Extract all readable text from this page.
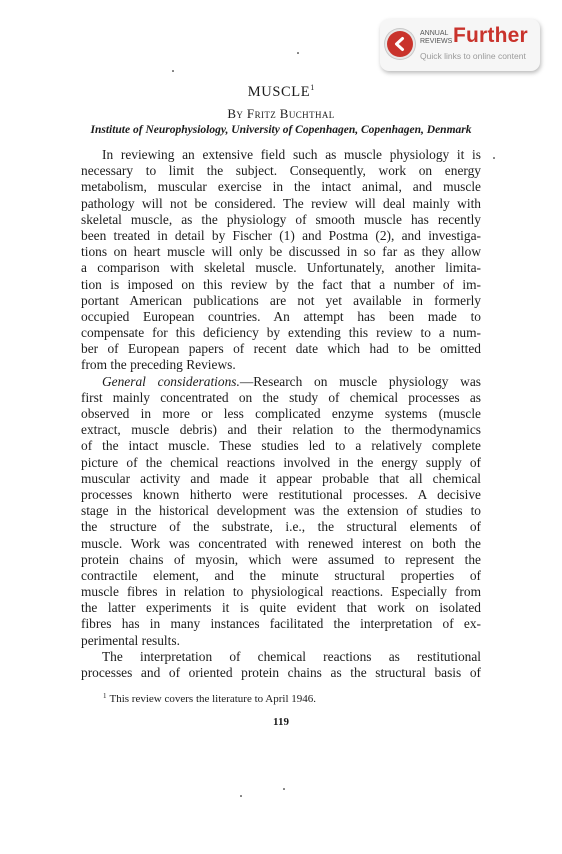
ANNUAL
REVIEWS Further
Quick links to online content
MUSCLE$^1$
By Fritz Buchthal
Institute of Neurophysiology, University of Copenhagen, Copenhagen, Denmark
In reviewing an extensive field such as muscle physiology it is
necessary to limit the subject. Consequently, work on energy
metabolism, muscular exercise in the intact animal, and muscle
pathology will not be considered. The review will deal mainly with
skeletal muscle, as the physiology of smooth muscle has recently
been treated in detail by Fischer (1) and Postma (2), and investiga-
tions on heart muscle will only be discussed in so far as they allow
a comparison with skeletal muscle. Unfortunately, another limita-
tion is imposed on this review by the fact that a number of im-
portant American publications are not yet available in formerly
occupied European countries. An attempt has been made to
compensate for this deficiency by extending this review to a num-
ber of European papers of recent date which had to be omitted
from the preceding Reviews.
General considerations.—Research on muscle physiology was
first mainly concentrated on the study of chemical processes as
observed in more or less complicated enzyme systems (muscle
extract, muscle debris) and their relation to the thermodynamics
of the intact muscle. These studies led to a relatively complete
picture of the chemical reactions involved in the energy supply of
muscular activity and made it appear probable that all chemical
processes known hitherto were restitutional processes. A decisive
stage in the historical development was the extension of studies to
the structure of the substrate, i.e., the structural elements of
muscle. Work was concentrated with renewed interest on both the
protein chains of myosin, which were assumed to represent the
contractile element, and the minute structural properties of
muscle fibres in relation to physiological reactions. Especially from
the latter experiments it is quite evident that work on isolated
fibres has in many instances facilitated the interpretation of ex-
perimental results.
The interpretation of chemical reactions as restitutional
processes and of oriented protein chains as the structural basis of
$^1$ This review covers the literature to April 1946.
119
